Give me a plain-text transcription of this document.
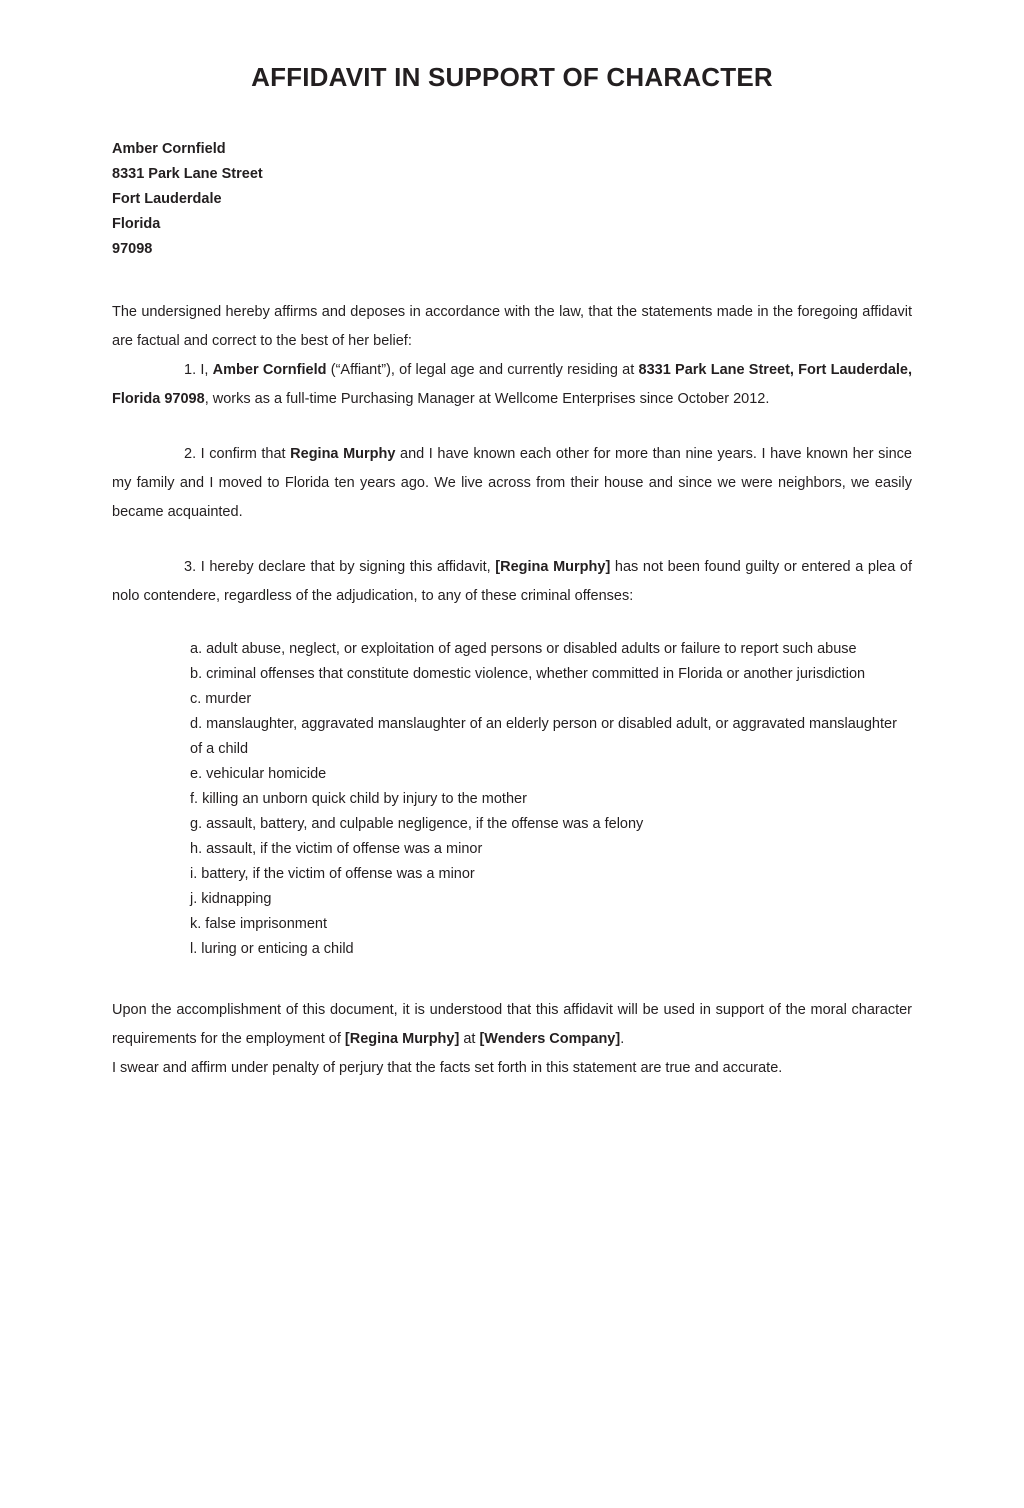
AFFIDAVIT IN SUPPORT OF CHARACTER
Amber Cornfield
8331 Park Lane Street
Fort Lauderdale
Florida
97098

The undersigned hereby affirms and deposes in accordance with the law, that the statements made in the foregoing affidavit are factual and correct to the best of her belief:

1. I, Amber Cornfield (“Affiant”), of legal age and currently residing at 8331 Park Lane Street, Fort Lauderdale, Florida 97098, works as a full-time Purchasing Manager at Wellcome Enterprises since October 2012.

2. I confirm that Regina Murphy and I have known each other for more than nine years. I have known her since my family and I moved to Florida ten years ago. We live across from their house and since we were neighbors, we easily became acquainted.

3. I hereby declare that by signing this affidavit, [Regina Murphy] has not been found guilty or entered a plea of nolo contendere, regardless of the adjudication, to any of these criminal offenses:

a. adult abuse, neglect, or exploitation of aged persons or disabled adults or failure to report such abuse
b. criminal offenses that constitute domestic violence, whether committed in Florida or another jurisdiction
c. murder
d. manslaughter, aggravated manslaughter of an elderly person or disabled adult, or aggravated manslaughter of a child
e. vehicular homicide
f. killing an unborn quick child by injury to the mother
g. assault, battery, and culpable negligence, if the offense was a felony
h. assault, if the victim of offense was a minor
i. battery, if the victim of offense was a minor
j. kidnapping
k. false imprisonment
l. luring or enticing a child

Upon the accomplishment of this document, it is understood that this affidavit will be used in support of the moral character requirements for the employment of [Regina Murphy] at [Wenders Company].

I swear and affirm under penalty of perjury that the facts set forth in this statement are true and accurate.
